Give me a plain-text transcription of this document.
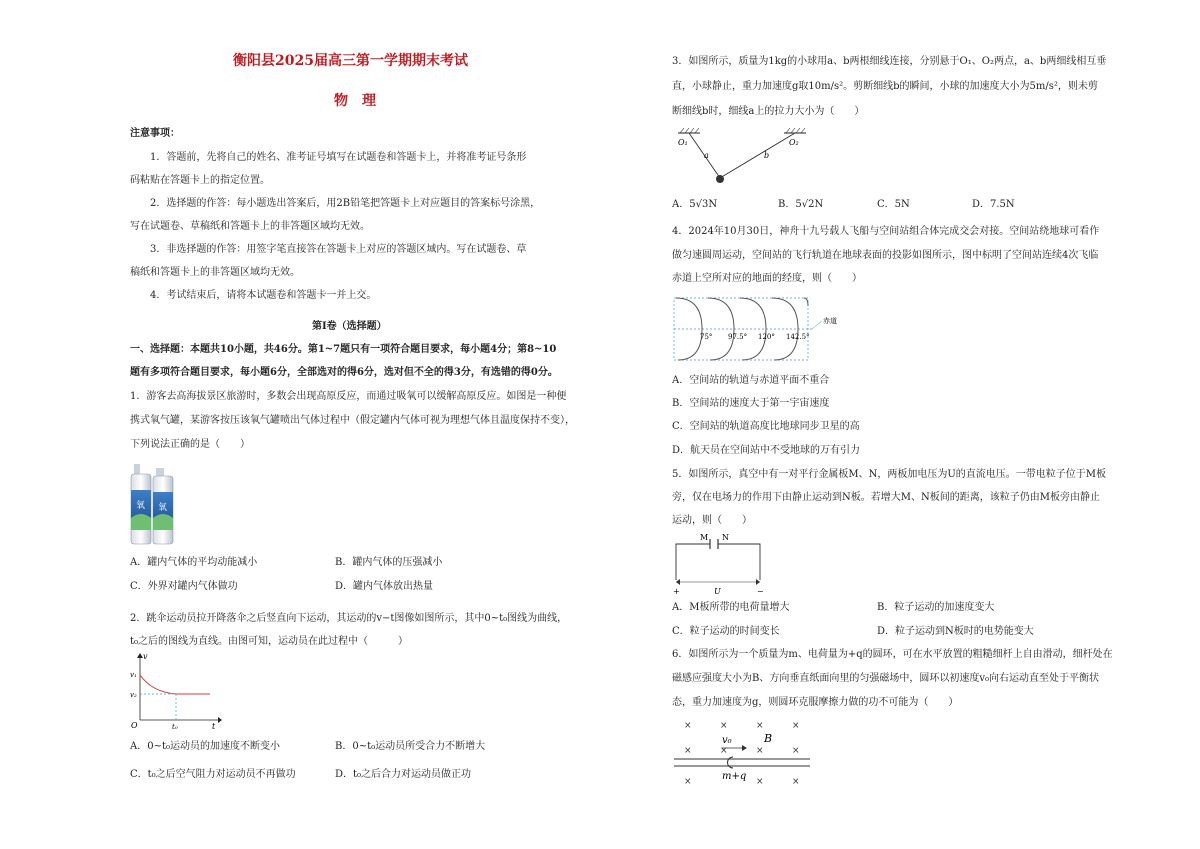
衡阳县2025届高三第一学期期末考试
物　理
注意事项：
1．答题前，先将自己的姓名、准考证号填写在试题卷和答题卡上，并将准考证号条形
码粘贴在答题卡上的指定位置。
2．选择题的作答：每小题选出答案后，用2B铅笔把答题卡上对应题目的答案标号涂黑，
写在试题卷、草稿纸和答题卡上的非答题区域均无效。
3．非选择题的作答：用签字笔直接答在答题卡上对应的答题区域内。写在试题卷、草
稿纸和答题卡上的非答题区域均无效。
4．考试结束后，请将本试题卷和答题卡一并上交。
第Ⅰ卷（选择题）
一、选择题：本题共10小题，共46分。第1~7题只有一项符合题目要求，每小题4分；第8~10
题有多项符合题目要求，每小题6分，全部选对的得6分，选对但不全的得3分，有选错的得0分。
1．游客去高海拔景区旅游时，多数会出现高原反应，而通过吸氧可以缓解高原反应。如图是一种便
携式氧气罐，某游客按压该氧气罐喷出气体过程中（假定罐内气体可视为理想气体且温度保持不变），
下列说法正确的是（　　）
氧 氧
A．罐内气体的平均动能减小	B．罐内气体的压强减小
C．外界对罐内气体做功	D．罐内气体放出热量
2．跳伞运动员拉开降落伞之后竖直向下运动，其运动的v−t图像如图所示，其中0~t₀图线为曲线，
t₀之后的图线为直线。由图可知，运动员在此过程中（　　　）
v
v₁
v₂
O	t₀	t
A．0~t₀运动员的加速度不断变小	B．0~t₀运动员所受合力不断增大
C．t₀之后空气阻力对运动员不再做功	D．t₀之后合力对运动员做正功
3．如图所示，质量为1kg的小球用a、b两根细线连接，分别悬于O₁、O₂两点，a、b两细线相互垂
直，小球静止，重力加速度g取10m/s²。剪断细线b的瞬间，小球的加速度大小为5m/s²，则未剪
断细线b时，细线a上的拉力大小为（　　）
O₁	O₂
a	b
A．5√3N	B．5√2N	C．5N	D．7.5N
4．2024年10月30日，神舟十九号载人飞船与空间站组合体完成交会对接。空间站绕地球可看作
做匀速圆周运动，空间站的飞行轨道在地球表面的投影如图所示，图中标明了空间站连续4次飞临
赤道上空所对应的地面的经度，则（　　）
75° 97.5° 120° 142.5°
赤道
A．空间站的轨道与赤道平面不重合
B．空间站的速度大于第一宇宙速度
C．空间站的轨道高度比地球同步卫星的高
D．航天员在空间站中不受地球的万有引力
5．如图所示，真空中有一对平行金属板M、N，两板加电压为U的直流电压。一带电粒子位于M板
旁，仅在电场力的作用下由静止运动到N板。若增大M、N板间的距离，该粒子仍由M板旁由静止
运动，则（　　）
M N
+	−
U
A．M板所带的电荷量增大	B．粒子运动的加速度变大
C．粒子运动的时间变长	D．粒子运动到N板时的电势能变大
6．如图所示为一个质量为m、电荷量为+q的圆环，可在水平放置的粗糙细杆上自由滑动，细杆处在
磁感应强度大小为B、方向垂直纸面向里的匀强磁场中，圆环以初速度v₀向右运动直至处于平衡状
态，重力加速度为g，则圆环克服摩擦力做的功不可能为（　　）
×	×	×	×
×	×	×	×
×	×	×
v₀	B
m+q
